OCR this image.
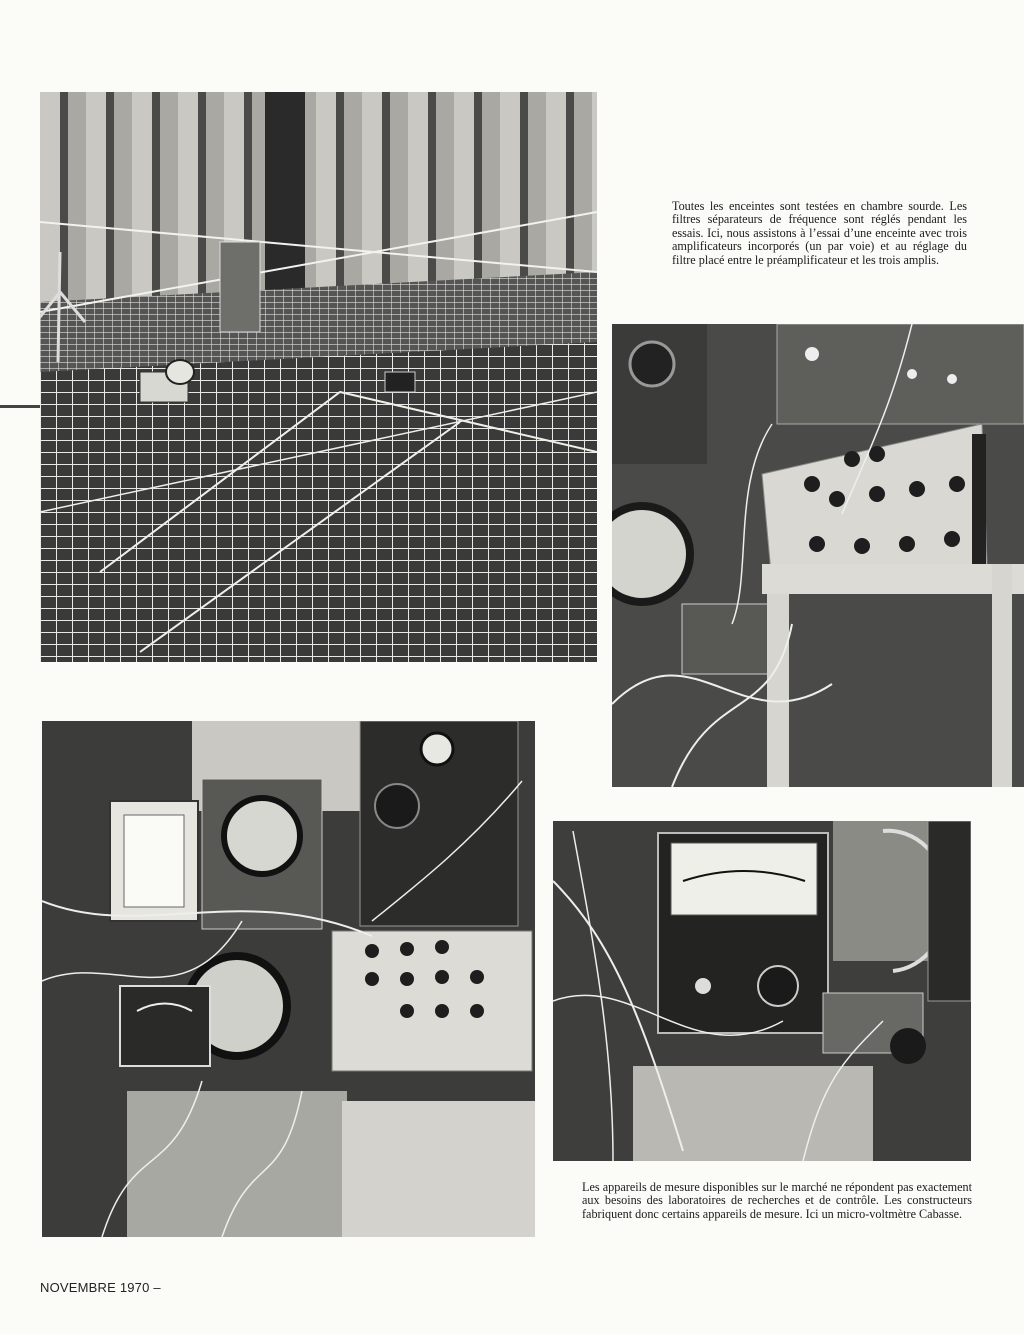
Toutes les enceintes sont testées en chambre sourde. Les filtres séparateurs de fréquence sont réglés pendant les essais. Ici, nous assistons à l’essai d’une enceinte avec trois amplificateurs incorporés (un par voie) et au réglage du filtre placé entre le préamplificateur et les trois amplis.

Les appareils de mesure disponibles sur le marché ne répondent pas exactement aux besoins des laboratoires de recherches et de contrôle. Les constructeurs fabriquent donc certains appareils de mesure. Ici un micro-voltmètre Cabasse.

NOVEMBRE 1970 –
